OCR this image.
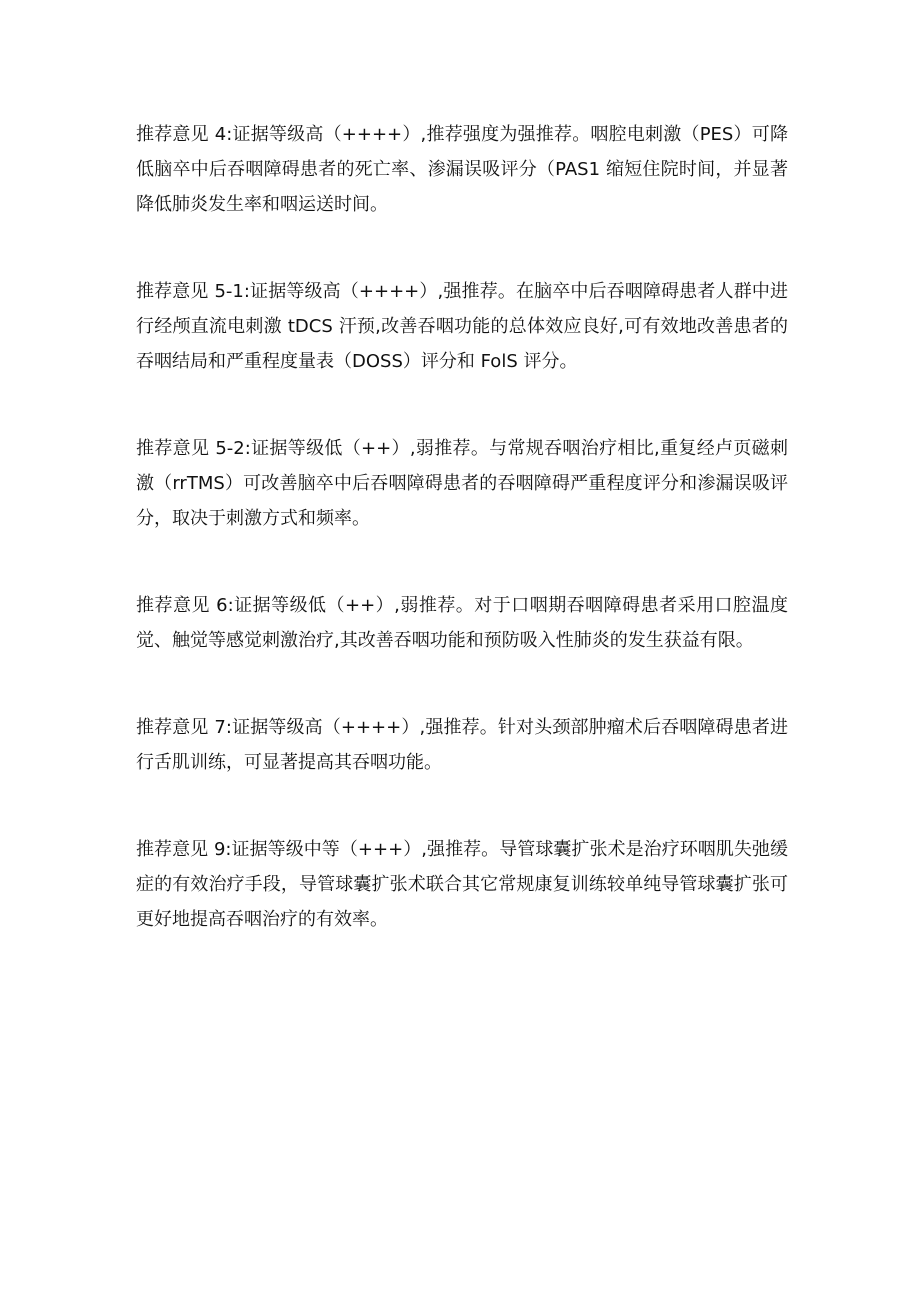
推荐意见 4:证据等级高（++++）,推荐强度为强推荐。咽腔电刺激（PES）可降低脑卒中后吞咽障碍患者的死亡率、渗漏误吸评分（PAS1 缩短住院时间，并显著降低肺炎发生率和咽运送时间。

推荐意见 5-1:证据等级高（++++）,强推荐。在脑卒中后吞咽障碍患者人群中进行经颅直流电刺激 tDCS 汗预,改善吞咽功能的总体效应良好,可有效地改善患者的吞咽结局和严重程度量表（DOSS）评分和 FolS 评分。

推荐意见 5-2:证据等级低（++）,弱推荐。与常规吞咽治疗相比,重复经卢页磁刺激（rrTMS）可改善脑卒中后吞咽障碍患者的吞咽障碍严重程度评分和渗漏误吸评分，取决于刺激方式和频率。

推荐意见 6:证据等级低（++）,弱推荐。对于口咽期吞咽障碍患者采用口腔温度觉、触觉等感觉刺激治疗,其改善吞咽功能和预防吸入性肺炎的发生获益有限。

推荐意见 7:证据等级高（++++）,强推荐。针对头颈部肿瘤术后吞咽障碍患者进行舌肌训练，可显著提高其吞咽功能。

推荐意见 9:证据等级中等（+++）,强推荐。导管球囊扩张术是治疗环咽肌失弛缓症的有效治疗手段，导管球囊扩张术联合其它常规康复训练较单纯导管球囊扩张可更好地提高吞咽治疗的有效率。
